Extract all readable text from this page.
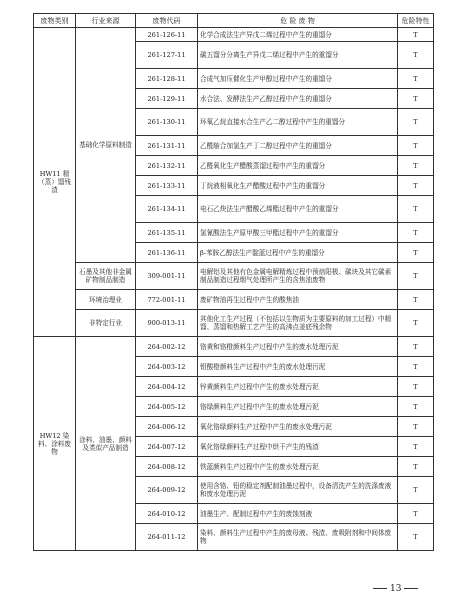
废物类别	行业来源	废物代码	危 险 废 物	危险特性
HW11 精（蒸）馏残渣	基础化学原料制造	261-126-11	化学合成法生产异戊二烯过程中产生的重馏分	T
		261-127-11	碳五馏分分离生产异戊二烯过程中产生的重馏分	T
		261-128-11	合成气加压催化生产甲醇过程中产生的重馏分	T
		261-129-11	水合法、发酵法生产乙醇过程中产生的重馏分	T
		261-130-11	环氧乙烷直接水合生产乙二醇过程中产生的重馏分	T
		261-131-11	乙醛缩合加氢生产丁二醇过程中产生的重馏分	T
		261-132-11	乙醛氧化生产醋酸蒸馏过程中产生的重馏分	T
		261-133-11	丁烷液相氧化生产醋酸过程中产生的重馏分	T
		261-134-11	电石乙炔法生产醋酸乙烯酯过程中产生的重馏分	T
		261-135-11	氢氰酸法生产原甲酸三甲酯过程中产生的重馏分	T
		261-136-11	β-苯胺乙醇法生产靛蓝过程中产生的重馏分	T
	石墨及其他非金属矿物制品制造	309-001-11	电解铝及其他有色金属电解精炼过程中预焙阳极、碳块及其它碳素制品制造过程烟气处理所产生的含焦油废物	T
	环境治理业	772-001-11	废矿物油再生过程中产生的酸焦油	T
	非特定行业	900-013-11	其他化工生产过程（不包括以生物质为主要原料的加工过程）中精馏、蒸馏和热解工艺产生的高沸点釜底残余物	T
HW12 染料、涂料废物	涂料、油墨、颜料及类似产品制造	264-002-12	铬黄和铬橙颜料生产过程中产生的废水处理污泥	T
		264-003-12	钼酸橙颜料生产过程中产生的废水处理污泥	T
		264-004-12	锌黄颜料生产过程中产生的废水处理污泥	T
		264-005-12	铬绿颜料生产过程中产生的废水处理污泥	T
		264-006-12	氧化铬绿颜料生产过程中产生的废水处理污泥	T
		264-007-12	氧化铬绿颜料生产过程中烘干产生的残渣	T
		264-008-12	铁蓝颜料生产过程中产生的废水处理污泥	T
		264-009-12	使用含铬、铅的稳定剂配制油墨过程中，设备清洗产生的洗涤废液和废水处理污泥	T
		264-010-12	油墨生产、配制过程中产生的废蚀刻液	T
		264-011-12	染料、颜料生产过程中产生的废母液、残渣、废吸附剂和中间体废物	T
13
